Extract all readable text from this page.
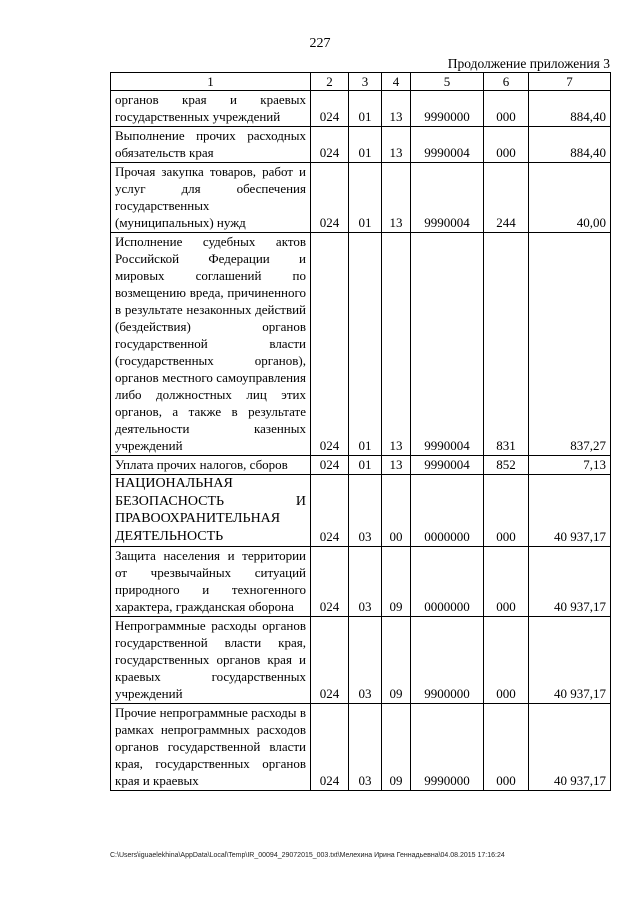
227
Продолжение приложения 3
1	2	3	4	5	6	7
органов края и краевых государственных учреждений	024	01	13	9990000	000	884,40
Выполнение прочих расходных обязательств края	024	01	13	9990004	000	884,40
Прочая закупка товаров, работ и услуг для обеспечения государственных (муниципальных) нужд	024	01	13	9990004	244	40,00
Исполнение судебных актов Российской Федерации и мировых соглашений по возмещению вреда, причиненного в результате незаконных действий (бездействия) органов государственной власти (государственных органов), органов местного самоуправления либо должностных лиц этих органов, а также в результате деятельности казенных учреждений	024	01	13	9990004	831	837,27
Уплата прочих налогов, сборов	024	01	13	9990004	852	7,13
НАЦИОНАЛЬНАЯ БЕЗОПАСНОСТЬ И ПРАВООХРАНИТЕЛЬНАЯ ДЕЯТЕЛЬНОСТЬ	024	03	00	0000000	000	40 937,17
Защита населения и территории от чрезвычайных ситуаций природного и техногенного характера, гражданская оборона	024	03	09	0000000	000	40 937,17
Непрограммные расходы органов государственной власти края, государственных органов края и краевых государственных учреждений	024	03	09	9900000	000	40 937,17
Прочие непрограммные расходы в рамках непрограммных расходов органов государственной власти края, государственных органов края и краевых	024	03	09	9990000	000	40 937,17
C:\Users\iguaelekhina\AppData\Local\Temp\IR_00094_29072015_003.txt\Мелехина Ирина Геннадьевна\04.08.2015 17:16:24
